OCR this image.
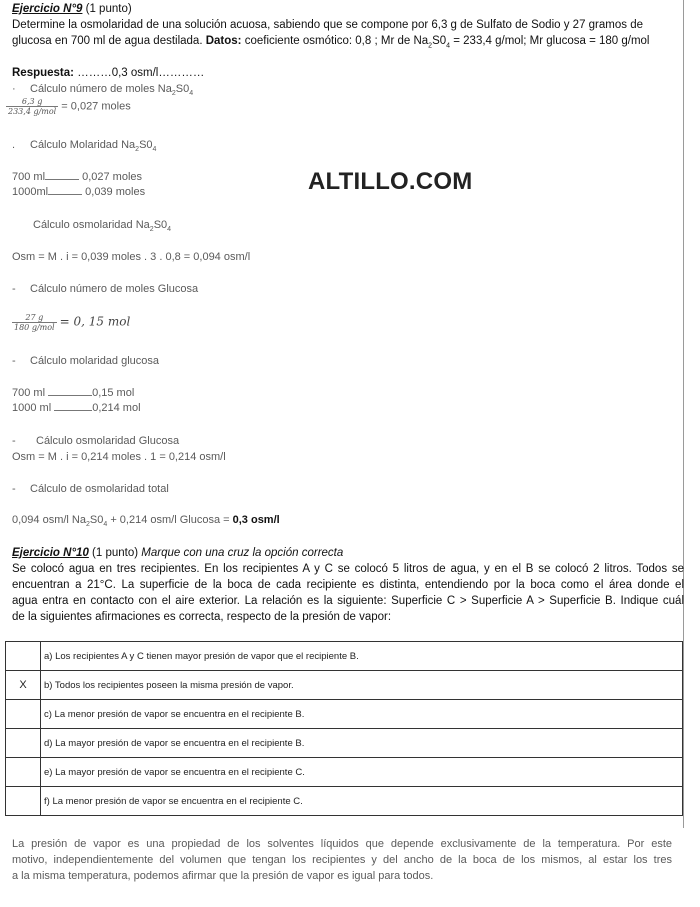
Ejercicio N°9 (1 punto)
Determine la osmolaridad de una solución acuosa, sabiendo que se compone por 6,3 g de Sulfato de Sodio y 27 gramos de
glucosa en 700 ml de agua destilada. Datos: coeficiente osmótico: 0,8 ; Mr de $Na_2S0_4 = 233,4$ g/mol; Mr glucosa = 180 g/mol
Respuesta: ………0,3 osm/l…………
· Cálculo número de moles $Na_2S0_4$
$\frac{6,3 g}{\text{233,4 g/mol}} = 0,027$ moles
. Cálculo Molaridad $Na_2S0_4$
700 ml	0,027 moles
1000ml	0,039 moles	ALTILLO.COM
Cálculo osmolaridad $Na_2S0_4$
Osm = M . i = 0,039 moles . 3 . 0,8 = 0,094 osm/l
- Cálculo número de moles Glucosa
$\frac{27 g}{\text{180 g/mol}} = 0$, 15 mol
- Cálculo molaridad glucosa
700 ml	0,15 mol
1000 ml	0,214 mol
- Cálculo osmolaridad Glucosa
Osm = M . i = 0,214 moles . 1 = 0,214 osm/l
- Cálculo de osmolaridad total
0,094 osm/l $Na_2S0_4 + 0,214$ osm/l Glucosa = 0,3 osm/l
Ejercicio N°10 (1 punto) Marque con una cruz la opción correcta
Se colocó agua en tres recipientes. En los recipientes A y C se colocó 5 litros de agua, y en el B se colocó 2 litros. Todos se
encuentran a 21°C. La superficie de la boca de cada recipiente es distinta, entendiendo por la boca como el área donde el
agua entra en contacto con el aire exterior. La relación es la siguiente: Superficie C > Superficie A > Superficie B. Indique cuál
de la siguientes afirmaciones es correcta, respecto de la presión de vapor:
	a) Los recipientes A y C tienen mayor presión de vapor que el recipiente B.
X	b) Todos los recipientes poseen la misma presión de vapor.
	c) La menor presión de vapor se encuentra en el recipiente B.
	d) La mayor presión de vapor se encuentra en el recipiente B.
	e) La mayor presión de vapor se encuentra en el recipiente C.
	f) La menor presión de vapor se encuentra en el recipiente C.
La presión de vapor es una propiedad de los solventes líquidos que depende exclusivamente de la temperatura. Por este
motivo, independientemente del volumen que tengan los recipientes y del ancho de la boca de los mismos, al estar los tres
a la misma temperatura, podemos afirmar que la presión de vapor es igual para todos.
